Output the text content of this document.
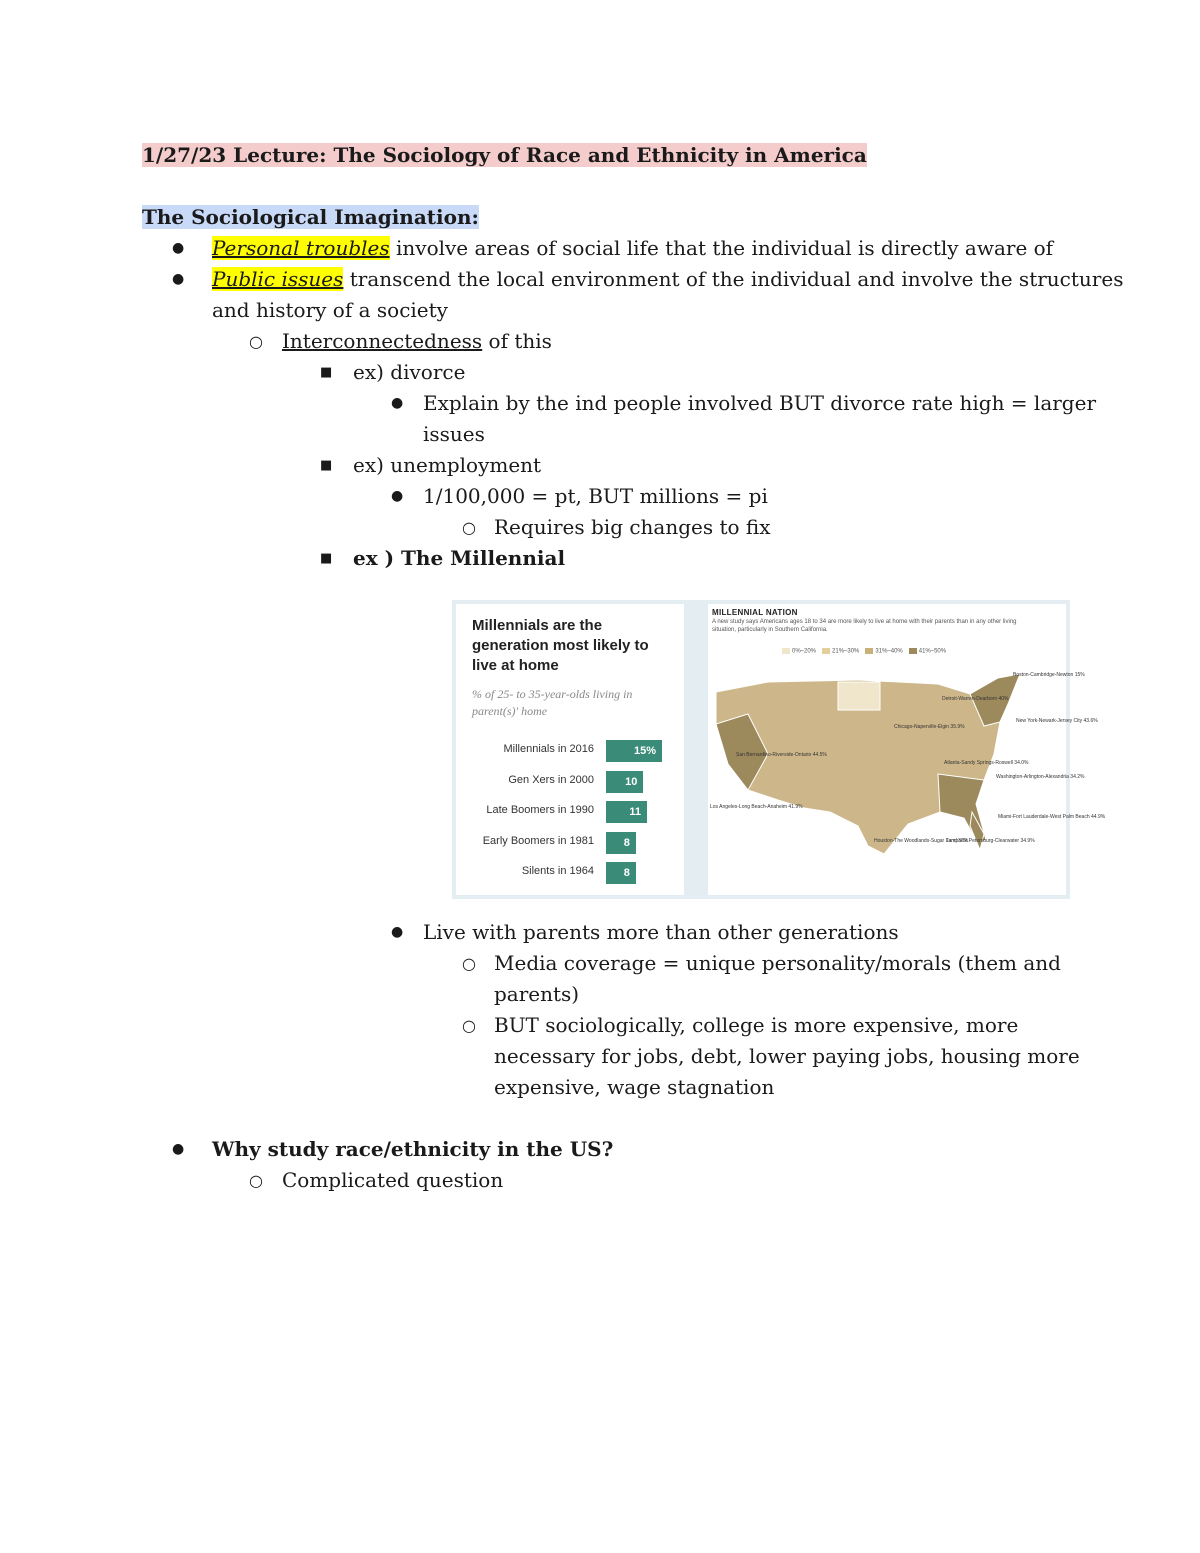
1/27/23 Lecture: The Sociology of Race and Ethnicity in America
The Sociological Imagination:
●
Personal troubles involve areas of social life that the individual is directly aware of
●
Public issues transcend the local environment of the individual and involve the structures
and history of a society
○
Interconnectedness of this
■
ex) divorce
●
Explain by the ind people involved BUT divorce rate high = larger
issues
■
ex) unemployment
●
1/100,000 = pt, BUT millions = pi
○
Requires big changes to fix
■
ex ) The Millennial
●
Live with parents more than other generations
○
Media coverage = unique personality/morals (them and
parents)
○
BUT sociologically, college is more expensive, more
necessary for jobs, debt, lower paying jobs, housing more
expensive, wage stagnation
●
Why study race/ethnicity in the US?
○
Complicated question
Millennials are the generation most likely to live at home
% of 25- to 35-year-olds living in parent(s)' home
Millennials in 2016	15%
Gen Xers in 2000	10
Late Boomers in 1990	11
Early Boomers in 1981	8
Silents in 1964	8
MILLENNIAL NATION
A new study says Americans ages 18 to 34 are more likely to live at home with their parents than in any other living situation, particularly in Southern California.
0%–20%	21%–30%	31%–40%	41%–50%
Boston-Cambridge-Newton 15%
Detroit-Warren-Dearborn 40%
Chicago-Naperville-Elgin 35.9%
New York-Newark-Jersey City 43.6%
San Bernardino-Riverside-Ontario 44.5%
Atlanta-Sandy Springs-Roswell 34.0%
Washington-Arlington-Alexandria 34.2%
Los Angeles-Long Beach-Anaheim 41.9%
Miami-Fort Lauderdale-West Palm Beach 44.9%
Houston-The Woodlands-Sugar Land 38%
Tampa-St.Petersburg-Clearwater 34.9%
